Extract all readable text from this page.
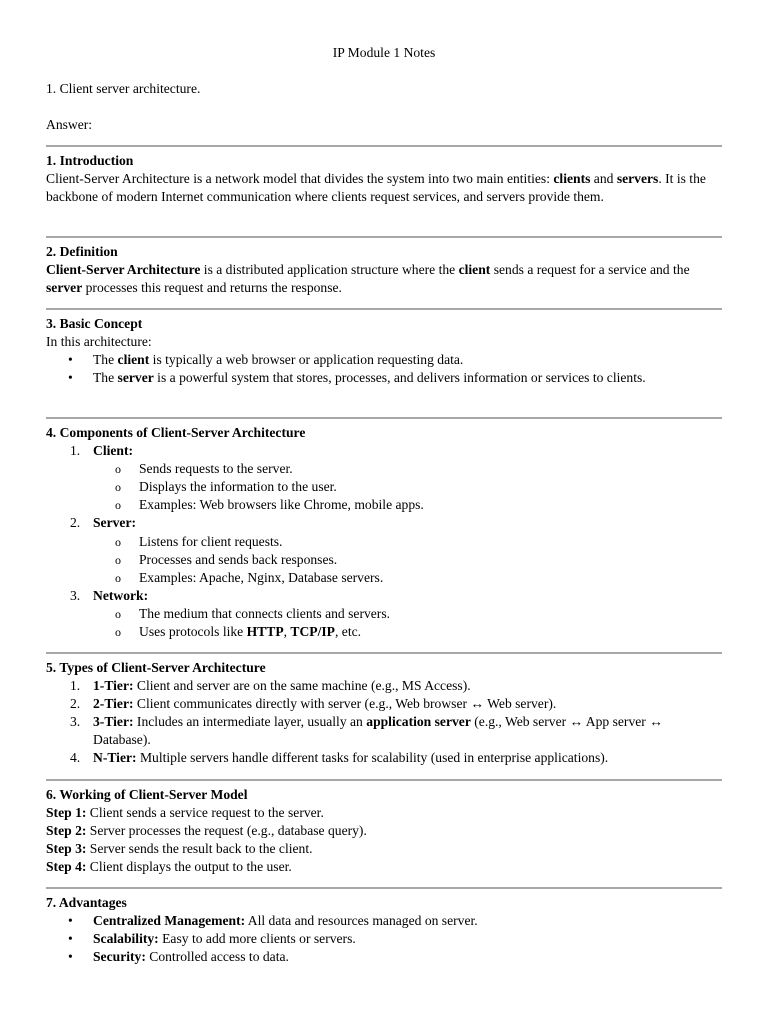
IP Module 1 Notes
1. Client server architecture.
Answer:

1. Introduction

Client-Server Architecture is a network model that divides the system into two main entities: clients and servers. It is the backbone of modern Internet communication where clients request services, and servers provide them.

2. Definition

Client-Server Architecture is a distributed application structure where the client sends a request for a service and the server processes this request and returns the response.

3. Basic Concept

In this architecture:

• The client is typically a web browser or application requesting data.
• The server is a powerful system that stores, processes, and delivers information or services to clients.

4. Components of Client-Server Architecture

1. Client:
o Sends requests to the server.
o Displays the information to the user.
o Examples: Web browsers like Chrome, mobile apps.
2. Server:
o Listens for client requests.
o Processes and sends back responses.
o Examples: Apache, Nginx, Database servers.
3. Network:
o The medium that connects clients and servers.
o Uses protocols like HTTP, TCP/IP, etc.

5. Types of Client-Server Architecture

1. 1-Tier: Client and server are on the same machine (e.g., MS Access).
2. 2-Tier: Client communicates directly with server (e.g., Web browser ↔ Web server).
3. 3-Tier: Includes an intermediate layer, usually an application server (e.g., Web server ↔ App server ↔ Database).
4. N-Tier: Multiple servers handle different tasks for scalability (used in enterprise applications).

6. Working of Client-Server Model

Step 1: Client sends a service request to the server.

Step 2: Server processes the request (e.g., database query).

Step 3: Server sends the result back to the client.

Step 4: Client displays the output to the user.

7. Advantages

• Centralized Management: All data and resources managed on server.
• Scalability: Easy to add more clients or servers.
• Security: Controlled access to data.
